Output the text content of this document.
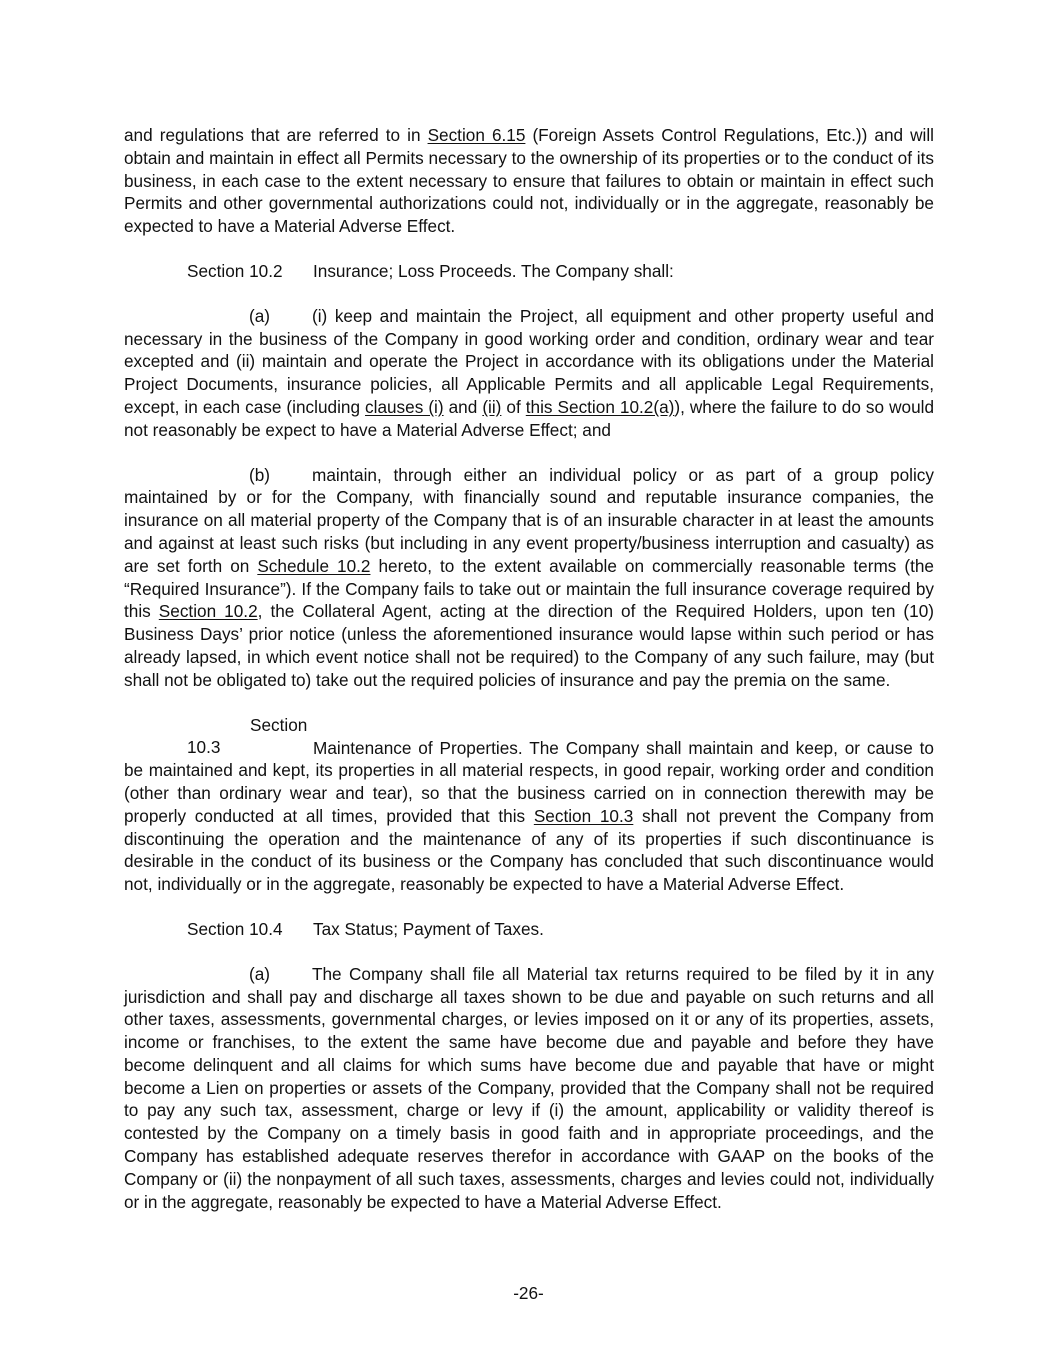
and regulations that are referred to in Section 6.15 (Foreign Assets Control Regulations, Etc.)) and will obtain and maintain in effect all Permits necessary to the ownership of its properties or to the conduct of its business, in each case to the extent necessary to ensure that failures to obtain or maintain in effect such Permits and other governmental authorizations could not, individually or in the aggregate, reasonably be expected to have a Material Adverse Effect.

Section 10.2 Insurance; Loss Proceeds. The Company shall:

(a) (i) keep and maintain the Project, all equipment and other property useful and necessary in the business of the Company in good working order and condition, ordinary wear and tear excepted and (ii) maintain and operate the Project in accordance with its obligations under the Material Project Documents, insurance policies, all Applicable Permits and all applicable Legal Requirements, except, in each case (including clauses (i) and (ii) of this Section 10.2(a)), where the failure to do so would not reasonably be expect to have a Material Adverse Effect; and

(b) maintain, through either an individual policy or as part of a group policy maintained by or for the Company, with financially sound and reputable insurance companies, the insurance on all material property of the Company that is of an insurable character in at least the amounts and against at least such risks (but including in any event property/business interruption and casualty) as are set forth on Schedule 10.2 hereto, to the extent available on commercially reasonable terms (the “Required Insurance”). If the Company fails to take out or maintain the full insurance coverage required by this Section 10.2, the Collateral Agent, acting at the direction of the Required Holders, upon ten (10) Business Days’ prior notice (unless the aforementioned insurance would lapse within such period or has already lapsed, in which event notice shall not be required) to the Company of any such failure, may (but shall not be obligated to) take out the required policies of insurance and pay the premia on the same.

Section 10.3	Maintenance of Properties. The Company shall maintain and keep, or cause to be maintained and kept, its properties in all material respects, in good repair, working order and condition (other than ordinary wear and tear), so that the business carried on in connection therewith may be properly conducted at all times, provided that this Section 10.3 shall not prevent the Company from discontinuing the operation and the maintenance of any of its properties if such discontinuance is desirable in the conduct of its business or the Company has concluded that such discontinuance would not, individually or in the aggregate, reasonably be expected to have a Material Adverse Effect.

Section 10.4 Tax Status; Payment of Taxes.

(a) The Company shall file all Material tax returns required to be filed by it in any jurisdiction and shall pay and discharge all taxes shown to be due and payable on such returns and all other taxes, assessments, governmental charges, or levies imposed on it or any of its properties, assets, income or franchises, to the extent the same have become due and payable and before they have become delinquent and all claims for which sums have become due and payable that have or might become a Lien on properties or assets of the Company, provided that the Company shall not be required to pay any such tax, assessment, charge or levy if (i) the amount, applicability or validity thereof is contested by the Company on a timely basis in good faith and in appropriate proceedings, and the Company has established adequate reserves therefor in accordance with GAAP on the books of the Company or (ii) the nonpayment of all such taxes, assessments, charges and levies could not, individually or in the aggregate, reasonably be expected to have a Material Adverse Effect.

-26-
